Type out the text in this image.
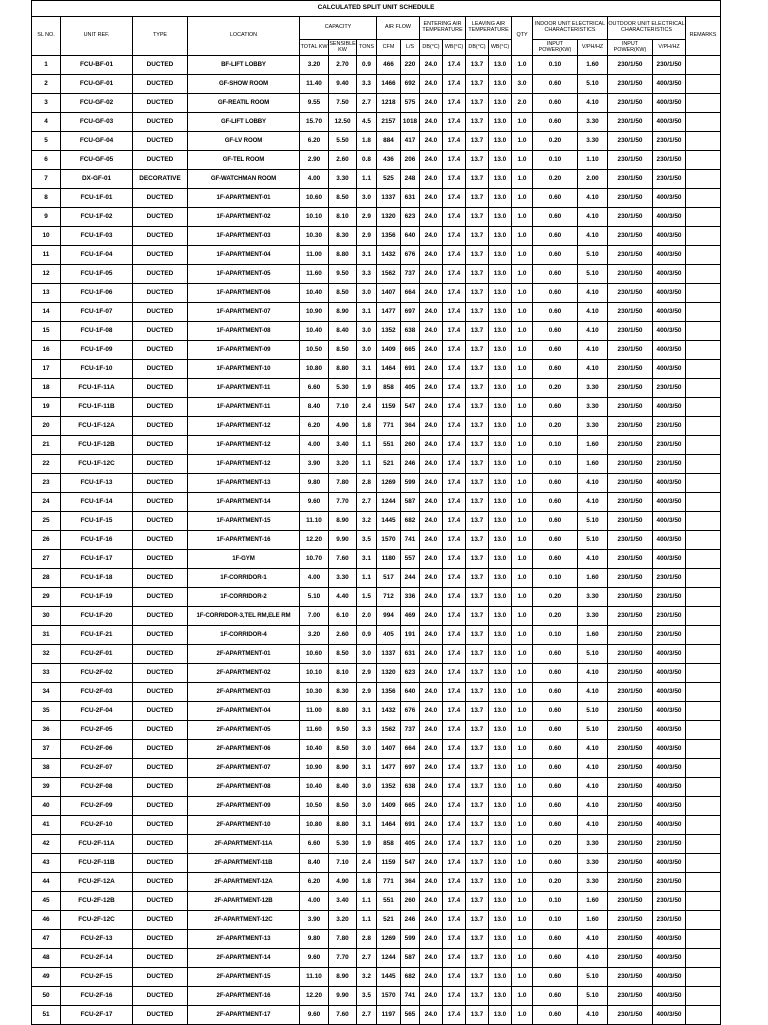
CALCULATED SPLIT UNIT SCHEDULE																		
SL NO.	UNIT REF.	TYPE	LOCATION	CAPACITY			AIR FLOW		ENTERING AIR TEMPERATURE		LEAVING AIR TEMPERATURE		QTY	INDOOR UNIT ELECTRICAL CHARACTERISTICS		OUTDOOR UNIT ELECTRICAL CHARACTERISTICS		REMARKS
				TOTAL KW	SENSIBLE KW	TONS	CFM	L/S	DB(°C)	WB(°C)	DB(°C)	WB(°C)		INPUT POWER(KW)	V/PH/HZ	INPUT POWER(KW)	V/PH/HZ	
1	FCU-BF-01	DUCTED	BF-LIFT LOBBY	3.20	2.70	0.9	466	220	24.0	17.4	13.7	13.0	1.0	0.10	1.60	230/1/50	230/1/50	
2	FCU-GF-01	DUCTED	GF-SHOW ROOM	11.40	9.40	3.3	1466	692	24.0	17.4	13.7	13.0	3.0	0.60	5.10	230/1/50	400/3/50	
3	FCU-GF-02	DUCTED	GF-REATIL ROOM	9.55	7.50	2.7	1218	575	24.0	17.4	13.7	13.0	2.0	0.60	4.10	230/1/50	400/3/50	
4	FCU-GF-03	DUCTED	GF-LIFT LOBBY	15.70	12.50	4.5	2157	1018	24.0	17.4	13.7	13.0	1.0	0.60	3.30	230/1/50	400/3/50	
5	FCU-GF-04	DUCTED	GF-LV ROOM	6.20	5.50	1.8	884	417	24.0	17.4	13.7	13.0	1.0	0.20	3.30	230/1/50	230/1/50	
6	FCU-GF-05	DUCTED	GF-TEL ROOM	2.90	2.60	0.8	436	206	24.0	17.4	13.7	13.0	1.0	0.10	1.10	230/1/50	230/1/50	
7	DX-GF-01	DECORATIVE	GF-WATCHMAN ROOM	4.00	3.30	1.1	525	248	24.0	17.4	13.7	13.0	1.0	0.20	2.00	230/1/50	230/1/50	
8	FCU-1F-01	DUCTED	1F-APARTMENT-01	10.60	8.50	3.0	1337	631	24.0	17.4	13.7	13.0	1.0	0.60	4.10	230/1/50	400/3/50	
9	FCU-1F-02	DUCTED	1F-APARTMENT-02	10.10	8.10	2.9	1320	623	24.0	17.4	13.7	13.0	1.0	0.60	4.10	230/1/50	400/3/50	
10	FCU-1F-03	DUCTED	1F-APARTMENT-03	10.30	8.30	2.9	1356	640	24.0	17.4	13.7	13.0	1.0	0.60	4.10	230/1/50	400/3/50	
11	FCU-1F-04	DUCTED	1F-APARTMENT-04	11.00	8.80	3.1	1432	676	24.0	17.4	13.7	13.0	1.0	0.60	5.10	230/1/50	400/3/50	
12	FCU-1F-05	DUCTED	1F-APARTMENT-05	11.60	9.50	3.3	1562	737	24.0	17.4	13.7	13.0	1.0	0.60	5.10	230/1/50	400/3/50	
13	FCU-1F-06	DUCTED	1F-APARTMENT-06	10.40	8.50	3.0	1407	664	24.0	17.4	13.7	13.0	1.0	0.60	4.10	230/1/50	400/3/50	
14	FCU-1F-07	DUCTED	1F-APARTMENT-07	10.90	8.90	3.1	1477	697	24.0	17.4	13.7	13.0	1.0	0.60	4.10	230/1/50	400/3/50	
15	FCU-1F-08	DUCTED	1F-APARTMENT-08	10.40	8.40	3.0	1352	638	24.0	17.4	13.7	13.0	1.0	0.60	4.10	230/1/50	400/3/50	
16	FCU-1F-09	DUCTED	1F-APARTMENT-09	10.50	8.50	3.0	1409	665	24.0	17.4	13.7	13.0	1.0	0.60	4.10	230/1/50	400/3/50	
17	FCU-1F-10	DUCTED	1F-APARTMENT-10	10.80	8.80	3.1	1464	691	24.0	17.4	13.7	13.0	1.0	0.60	4.10	230/1/50	400/3/50	
18	FCU-1F-11A	DUCTED	1F-APARTMENT-11	6.60	5.30	1.9	858	405	24.0	17.4	13.7	13.0	1.0	0.20	3.30	230/1/50	230/1/50	
19	FCU-1F-11B	DUCTED	1F-APARTMENT-11	8.40	7.10	2.4	1159	547	24.0	17.4	13.7	13.0	1.0	0.60	3.30	230/1/50	400/3/50	
20	FCU-1F-12A	DUCTED	1F-APARTMENT-12	6.20	4.90	1.8	771	364	24.0	17.4	13.7	13.0	1.0	0.20	3.30	230/1/50	230/1/50	
21	FCU-1F-12B	DUCTED	1F-APARTMENT-12	4.00	3.40	1.1	551	260	24.0	17.4	13.7	13.0	1.0	0.10	1.60	230/1/50	230/1/50	
22	FCU-1F-12C	DUCTED	1F-APARTMENT-12	3.90	3.20	1.1	521	246	24.0	17.4	13.7	13.0	1.0	0.10	1.60	230/1/50	230/1/50	
23	FCU-1F-13	DUCTED	1F-APARTMENT-13	9.80	7.80	2.8	1269	599	24.0	17.4	13.7	13.0	1.0	0.60	4.10	230/1/50	400/3/50	
24	FCU-1F-14	DUCTED	1F-APARTMENT-14	9.60	7.70	2.7	1244	587	24.0	17.4	13.7	13.0	1.0	0.60	4.10	230/1/50	400/3/50	
25	FCU-1F-15	DUCTED	1F-APARTMENT-15	11.10	8.90	3.2	1445	682	24.0	17.4	13.7	13.0	1.0	0.60	5.10	230/1/50	400/3/50	
26	FCU-1F-16	DUCTED	1F-APARTMENT-16	12.20	9.90	3.5	1570	741	24.0	17.4	13.7	13.0	1.0	0.60	5.10	230/1/50	400/3/50	
27	FCU-1F-17	DUCTED	1F-GYM	10.70	7.60	3.1	1180	557	24.0	17.4	13.7	13.0	1.0	0.60	4.10	230/1/50	400/3/50	
28	FCU-1F-18	DUCTED	1F-CORRIDOR-1	4.00	3.30	1.1	517	244	24.0	17.4	13.7	13.0	1.0	0.10	1.60	230/1/50	230/1/50	
29	FCU-1F-19	DUCTED	1F-CORRIDOR-2	5.10	4.40	1.5	712	336	24.0	17.4	13.7	13.0	1.0	0.20	3.30	230/1/50	230/1/50	
30	FCU-1F-20	DUCTED	1F-CORRIDOR-3,TEL RM,ELE RM	7.00	6.10	2.0	994	469	24.0	17.4	13.7	13.0	1.0	0.20	3.30	230/1/50	230/1/50	
31	FCU-1F-21	DUCTED	1F-CORRIDOR-4	3.20	2.60	0.9	405	191	24.0	17.4	13.7	13.0	1.0	0.10	1.60	230/1/50	230/1/50	
32	FCU-2F-01	DUCTED	2F-APARTMENT-01	10.60	8.50	3.0	1337	631	24.0	17.4	13.7	13.0	1.0	0.60	5.10	230/1/50	400/3/50	
33	FCU-2F-02	DUCTED	2F-APARTMENT-02	10.10	8.10	2.9	1320	623	24.0	17.4	13.7	13.0	1.0	0.60	4.10	230/1/50	400/3/50	
34	FCU-2F-03	DUCTED	2F-APARTMENT-03	10.30	8.30	2.9	1356	640	24.0	17.4	13.7	13.0	1.0	0.60	4.10	230/1/50	400/3/50	
35	FCU-2F-04	DUCTED	2F-APARTMENT-04	11.00	8.80	3.1	1432	676	24.0	17.4	13.7	13.0	1.0	0.60	5.10	230/1/50	400/3/50	
36	FCU-2F-05	DUCTED	2F-APARTMENT-05	11.60	9.50	3.3	1562	737	24.0	17.4	13.7	13.0	1.0	0.60	5.10	230/1/50	400/3/50	
37	FCU-2F-06	DUCTED	2F-APARTMENT-06	10.40	8.50	3.0	1407	664	24.0	17.4	13.7	13.0	1.0	0.60	4.10	230/1/50	400/3/50	
38	FCU-2F-07	DUCTED	2F-APARTMENT-07	10.90	8.90	3.1	1477	697	24.0	17.4	13.7	13.0	1.0	0.60	4.10	230/1/50	400/3/50	
39	FCU-2F-08	DUCTED	2F-APARTMENT-08	10.40	8.40	3.0	1352	638	24.0	17.4	13.7	13.0	1.0	0.60	4.10	230/1/50	400/3/50	
40	FCU-2F-09	DUCTED	2F-APARTMENT-09	10.50	8.50	3.0	1409	665	24.0	17.4	13.7	13.0	1.0	0.60	4.10	230/1/50	400/3/50	
41	FCU-2F-10	DUCTED	2F-APARTMENT-10	10.80	8.80	3.1	1464	691	24.0	17.4	13.7	13.0	1.0	0.60	4.10	230/1/50	400/3/50	
42	FCU-2F-11A	DUCTED	2F-APARTMENT-11A	6.60	5.30	1.9	858	405	24.0	17.4	13.7	13.0	1.0	0.20	3.30	230/1/50	230/1/50	
43	FCU-2F-11B	DUCTED	2F-APARTMENT-11B	8.40	7.10	2.4	1159	547	24.0	17.4	13.7	13.0	1.0	0.60	3.30	230/1/50	400/3/50	
44	FCU-2F-12A	DUCTED	2F-APARTMENT-12A	6.20	4.90	1.8	771	364	24.0	17.4	13.7	13.0	1.0	0.20	3.30	230/1/50	230/1/50	
45	FCU-2F-12B	DUCTED	2F-APARTMENT-12B	4.00	3.40	1.1	551	260	24.0	17.4	13.7	13.0	1.0	0.10	1.60	230/1/50	230/1/50	
46	FCU-2F-12C	DUCTED	2F-APARTMENT-12C	3.90	3.20	1.1	521	246	24.0	17.4	13.7	13.0	1.0	0.10	1.60	230/1/50	230/1/50	
47	FCU-2F-13	DUCTED	2F-APARTMENT-13	9.80	7.80	2.8	1269	599	24.0	17.4	13.7	13.0	1.0	0.60	4.10	230/1/50	400/3/50	
48	FCU-2F-14	DUCTED	2F-APARTMENT-14	9.60	7.70	2.7	1244	587	24.0	17.4	13.7	13.0	1.0	0.60	4.10	230/1/50	400/3/50	
49	FCU-2F-15	DUCTED	2F-APARTMENT-15	11.10	8.90	3.2	1445	682	24.0	17.4	13.7	13.0	1.0	0.60	5.10	230/1/50	400/3/50	
50	FCU-2F-16	DUCTED	2F-APARTMENT-16	12.20	9.90	3.5	1570	741	24.0	17.4	13.7	13.0	1.0	0.60	5.10	230/1/50	400/3/50	
51	FCU-2F-17	DUCTED	2F-APARTMENT-17	9.60	7.60	2.7	1197	565	24.0	17.4	13.7	13.0	1.0	0.60	4.10	230/1/50	400/3/50	
